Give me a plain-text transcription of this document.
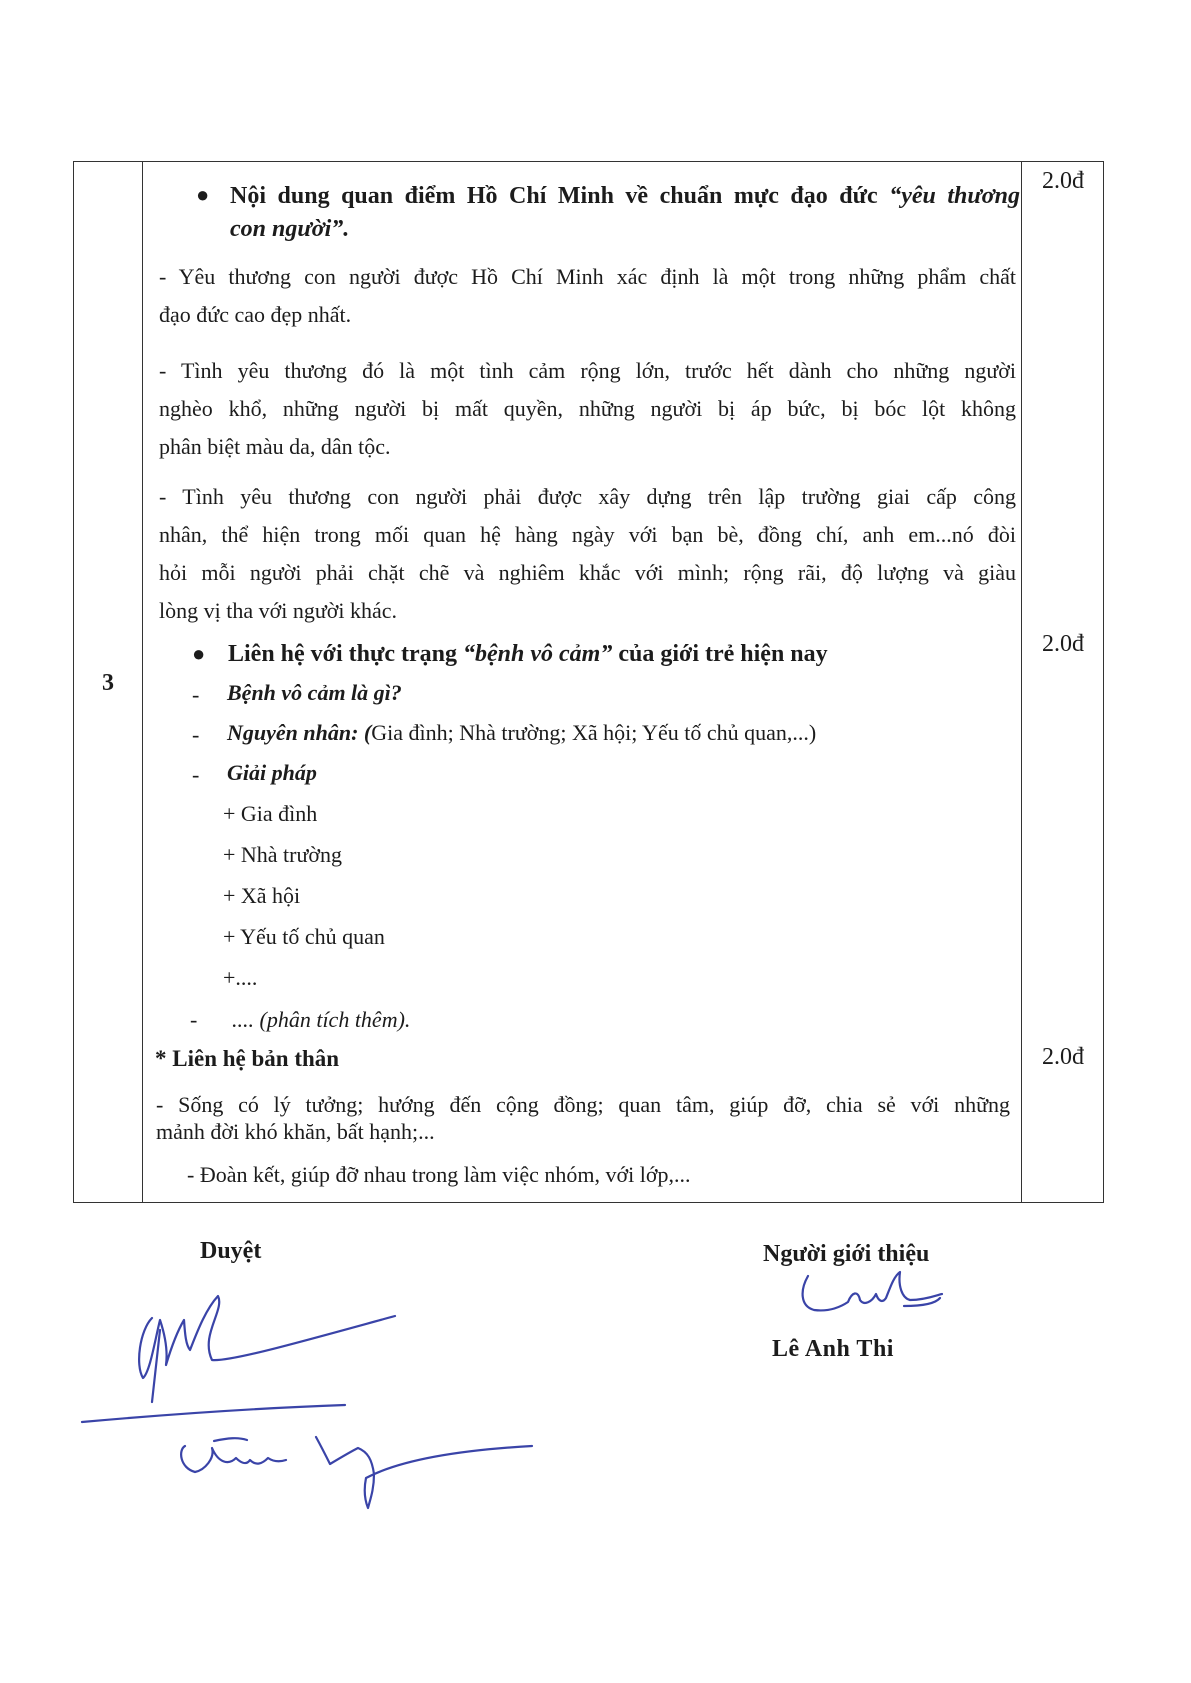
3
2.0đ
2.0đ
2.0đ
● Nội dung quan điểm Hồ Chí Minh về chuẩn mực đạo đức “yêu thương
con người”.
- Yêu thương con người được Hồ Chí Minh xác định là một trong những phẩm chất
đạo đức cao đẹp nhất.
- Tình yêu thương đó là một tình cảm rộng lớn, trước hết dành cho những người
nghèo khổ, những người bị mất quyền, những người bị áp bức, bị bóc lột không
phân biệt màu da, dân tộc.
- Tình yêu thương con người phải được xây dựng trên lập trường giai cấp công
nhân, thể hiện trong mối quan hệ hàng ngày với bạn bè, đồng chí, anh em...nó đòi
hỏi mỗi người phải chặt chẽ và nghiêm khắc với mình; rộng rãi, độ lượng và giàu
lòng vị tha với người khác.
● Liên hệ với thực trạng “bệnh vô cảm” của giới trẻ hiện nay
- Bệnh vô cảm là gì?
- Nguyên nhân: (Gia đình; Nhà trường; Xã hội; Yếu tố chủ quan,...)
- Giải pháp
+ Gia đình
+ Nhà trường
+ Xã hội
+ Yếu tố chủ quan
+....
- .... (phân tích thêm).
* Liên hệ bản thân
- Sống có lý tưởng; hướng đến cộng đồng; quan tâm, giúp đỡ, chia sẻ với những
mảnh đời khó khăn, bất hạnh;...
- Đoàn kết, giúp đỡ nhau trong làm việc nhóm, với lớp,...
Duyệt	Người giới thiệu
Lê Anh Thi
